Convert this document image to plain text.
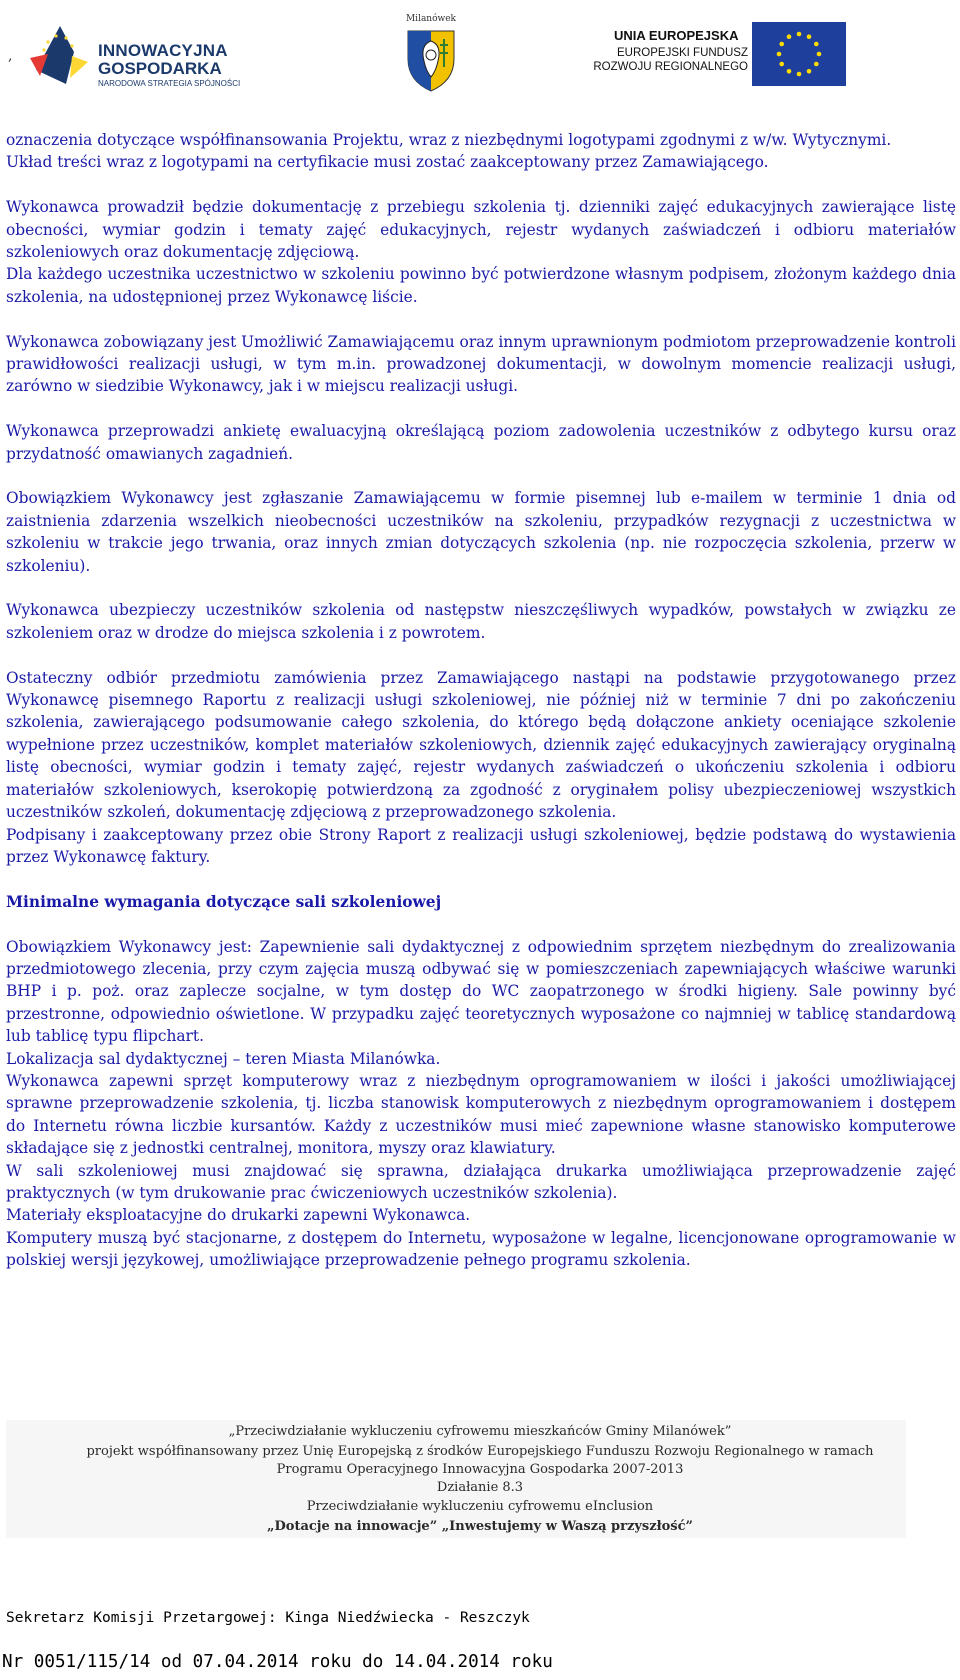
,	INNOWACYJNA
GOSPODARKA
NARODOWA STRATEGIA SPÓJNOŚCI
Milanówek
UNIA EUROPEJSKA
EUROPEJSKI FUNDUSZ
ROZWOJU REGIONALNEGO

oznaczenia dotyczące współfinansowania Projektu, wraz z niezbędnymi logotypami zgodnymi z w/w. Wytycznymi.

Układ treści wraz z logotypami na certyfikacie musi zostać zaakceptowany przez Zamawiającego.

Wykonawca prowadził będzie dokumentację z przebiegu szkolenia tj. dzienniki zajęć edukacyjnych zawierające listę obecności, wymiar godzin i tematy zajęć edukacyjnych, rejestr wydanych zaświadczeń i odbioru materiałów szkoleniowych oraz dokumentację zdjęciową.

Dla każdego uczestnika uczestnictwo w szkoleniu powinno być potwierdzone własnym podpisem, złożonym każdego dnia szkolenia, na udostępnionej przez Wykonawcę liście.

Wykonawca zobowiązany jest Umożliwić Zamawiającemu oraz innym uprawnionym podmiotom przeprowadzenie kontroli prawidłowości realizacji usługi, w tym m.in. prowadzonej dokumentacji, w dowolnym momencie realizacji usługi, zarówno w siedzibie Wykonawcy, jak i w miejscu realizacji usługi.

Wykonawca przeprowadzi ankietę ewaluacyjną określającą poziom zadowolenia uczestników z odbytego kursu oraz przydatność omawianych zagadnień.

Obowiązkiem Wykonawcy jest zgłaszanie Zamawiającemu w formie pisemnej lub e-mailem w terminie 1 dnia od zaistnienia zdarzenia wszelkich nieobecności uczestników na szkoleniu, przypadków rezygnacji z uczestnictwa w szkoleniu w trakcie jego trwania, oraz innych zmian dotyczących szkolenia (np. nie rozpoczęcia szkolenia, przerw w szkoleniu).

Wykonawca ubezpieczy uczestników szkolenia od następstw nieszczęśliwych wypadków, powstałych w związku ze szkoleniem oraz w drodze do miejsca szkolenia i z powrotem.

Ostateczny odbiór przedmiotu zamówienia przez Zamawiającego nastąpi na podstawie przygotowanego przez Wykonawcę pisemnego Raportu z realizacji usługi szkoleniowej, nie później niż w terminie 7 dni po zakończeniu szkolenia, zawierającego podsumowanie całego szkolenia, do którego będą dołączone ankiety oceniające szkolenie wypełnione przez uczestników, komplet materiałów szkoleniowych, dziennik zajęć edukacyjnych zawierający oryginalną listę obecności, wymiar godzin i tematy zajęć, rejestr wydanych zaświadczeń o ukończeniu szkolenia i odbioru materiałów szkoleniowych, kserokopię potwierdzoną za zgodność z oryginałem polisy ubezpieczeniowej wszystkich uczestników szkoleń, dokumentację zdjęciową z przeprowadzonego szkolenia.

Podpisany i zaakceptowany przez obie Strony Raport z realizacji usługi szkoleniowej, będzie podstawą do wystawienia przez Wykonawcę faktury.

Minimalne wymagania dotyczące sali szkoleniowej

Obowiązkiem Wykonawcy jest: Zapewnienie sali dydaktycznej z odpowiednim sprzętem niezbędnym do zrealizowania przedmiotowego zlecenia, przy czym zajęcia muszą odbywać się w pomieszczeniach zapewniających właściwe warunki BHP i p. poż. oraz zaplecze socjalne, w tym dostęp do WC zaopatrzonego w środki higieny. Sale powinny być przestronne, odpowiednio oświetlone. W przypadku zajęć teoretycznych wyposażone co najmniej w tablicę standardową lub tablicę typu flipchart.

Lokalizacja sal dydaktycznej – teren Miasta Milanówka.

Wykonawca zapewni sprzęt komputerowy wraz z niezbędnym oprogramowaniem w ilości i jakości umożliwiającej sprawne przeprowadzenie szkolenia, tj. liczba stanowisk komputerowych z niezbędnym oprogramowaniem i dostępem do Internetu równa liczbie kursantów. Każdy z uczestników musi mieć zapewnione własne stanowisko komputerowe składające się z jednostki centralnej, monitora, myszy oraz klawiatury.

W sali szkoleniowej musi znajdować się sprawna, działająca drukarka umożliwiająca przeprowadzenie zajęć praktycznych (w tym drukowanie prac ćwiczeniowych uczestników szkolenia).

Materiały eksploatacyjne do drukarki zapewni Wykonawca.

Komputery muszą być stacjonarne, z dostępem do Internetu, wyposażone w legalne, licencjonowane oprogramowanie w polskiej wersji językowej, umożliwiające przeprowadzenie pełnego programu szkolenia.

„Przeciwdziałanie wykluczeniu cyfrowemu mieszkańców Gminy Milanówek”
projekt współfinansowany przez Unię Europejską z środków Europejskiego Funduszu Rozwoju Regionalnego w ramach
Programu Operacyjnego Innowacyjna Gospodarka 2007-2013
Działanie 8.3
Przeciwdziałanie wykluczeniu cyfrowemu eInclusion
„Dotacje na innowacje” „Inwestujemy w Waszą przyszłość”
Sekretarz Komisji Przetargowej: Kinga Niedźwiecka - Reszczyk
Nr 0051/115/14 od 07.04.2014 roku do 14.04.2014 roku
